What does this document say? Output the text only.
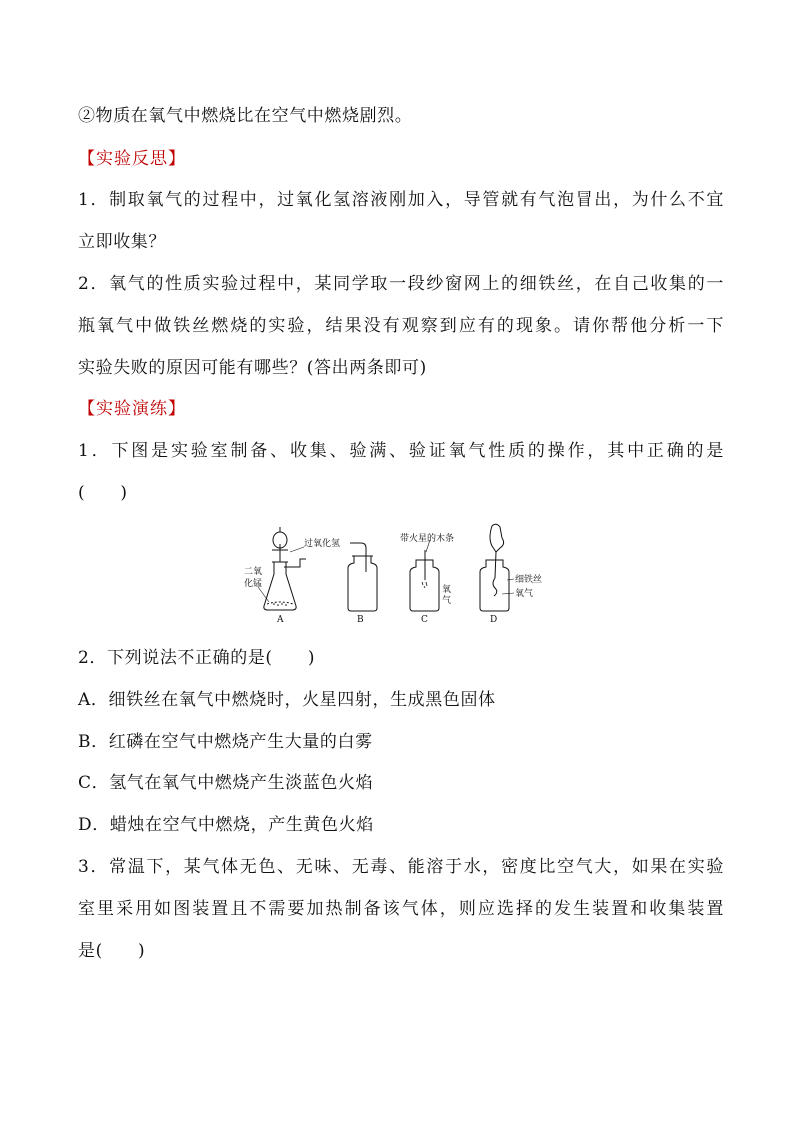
②物质在氧气中燃烧比在空气中燃烧剧烈。
【实验反思】
1．制取氧气的过程中，过氧化氢溶液刚加入，导管就有气泡冒出，为什么不宜
立即收集？
2．氧气的性质实验过程中，某同学取一段纱窗网上的细铁丝，在自己收集的一
瓶氧气中做铁丝燃烧的实验，结果没有观察到应有的现象。请你帮他分析一下
实验失败的原因可能有哪些？(答出两条即可)
【实验演练】
1．下图是实验室制备、收集、验满、验证氧气性质的操作，其中正确的是
(　　)
过氧化氢
二氧
化锰
带火星的木条
氧
气
细铁丝
氧气
A	B	C	D
2．下列说法不正确的是(　　)
A．细铁丝在氧气中燃烧时，火星四射，生成黑色固体
B．红磷在空气中燃烧产生大量的白雾
C．氢气在氧气中燃烧产生淡蓝色火焰
D．蜡烛在空气中燃烧，产生黄色火焰
3．常温下，某气体无色、无味、无毒、能溶于水，密度比空气大，如果在实验
室里采用如图装置且不需要加热制备该气体，则应选择的发生装置和收集装置
是(　　)
